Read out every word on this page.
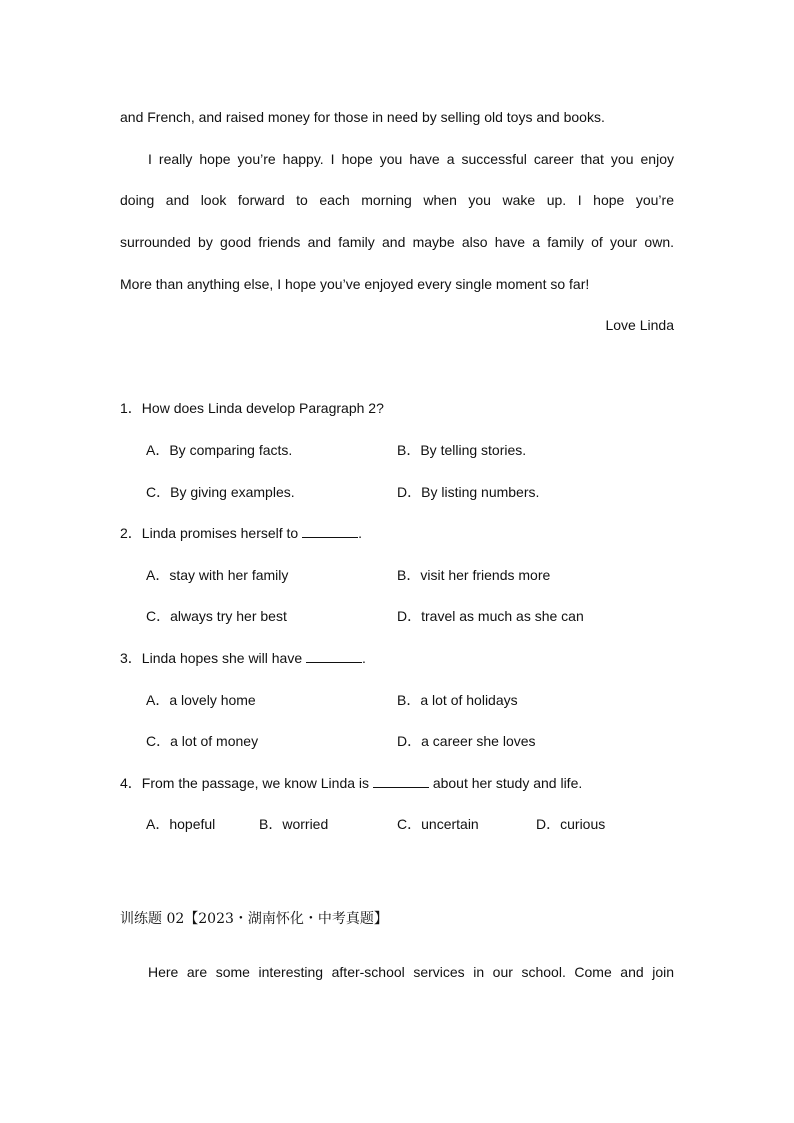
and French, and raised money for those in need by selling old toys and books.
I really hope you’re happy. I hope you have a successful career that you enjoy
doing and look forward to each morning when you wake up. I hope you’re
surrounded by good friends and family and maybe also have a family of your own.
More than anything else, I hope you’ve enjoyed every single moment so far!
Love Linda
1．How does Linda develop Paragraph 2?
A．By comparing facts.	B．By telling stories.
C．By giving examples.	D．By listing numbers.
2．Linda promises herself to	.
A．stay with her family	B．visit her friends more
C．always try her best	D．travel as much as she can
3．Linda hopes she will have	.
A．a lovely home	B．a lot of holidays
C．a lot of money	D．a career she loves
4．From the passage, we know Linda is	about her study and life.
A．hopeful	B．worried	C．uncertain	D．curious
训练题 02【2023・湖南怀化・中考真题】
Here are some interesting after-school services in our school. Come and join
